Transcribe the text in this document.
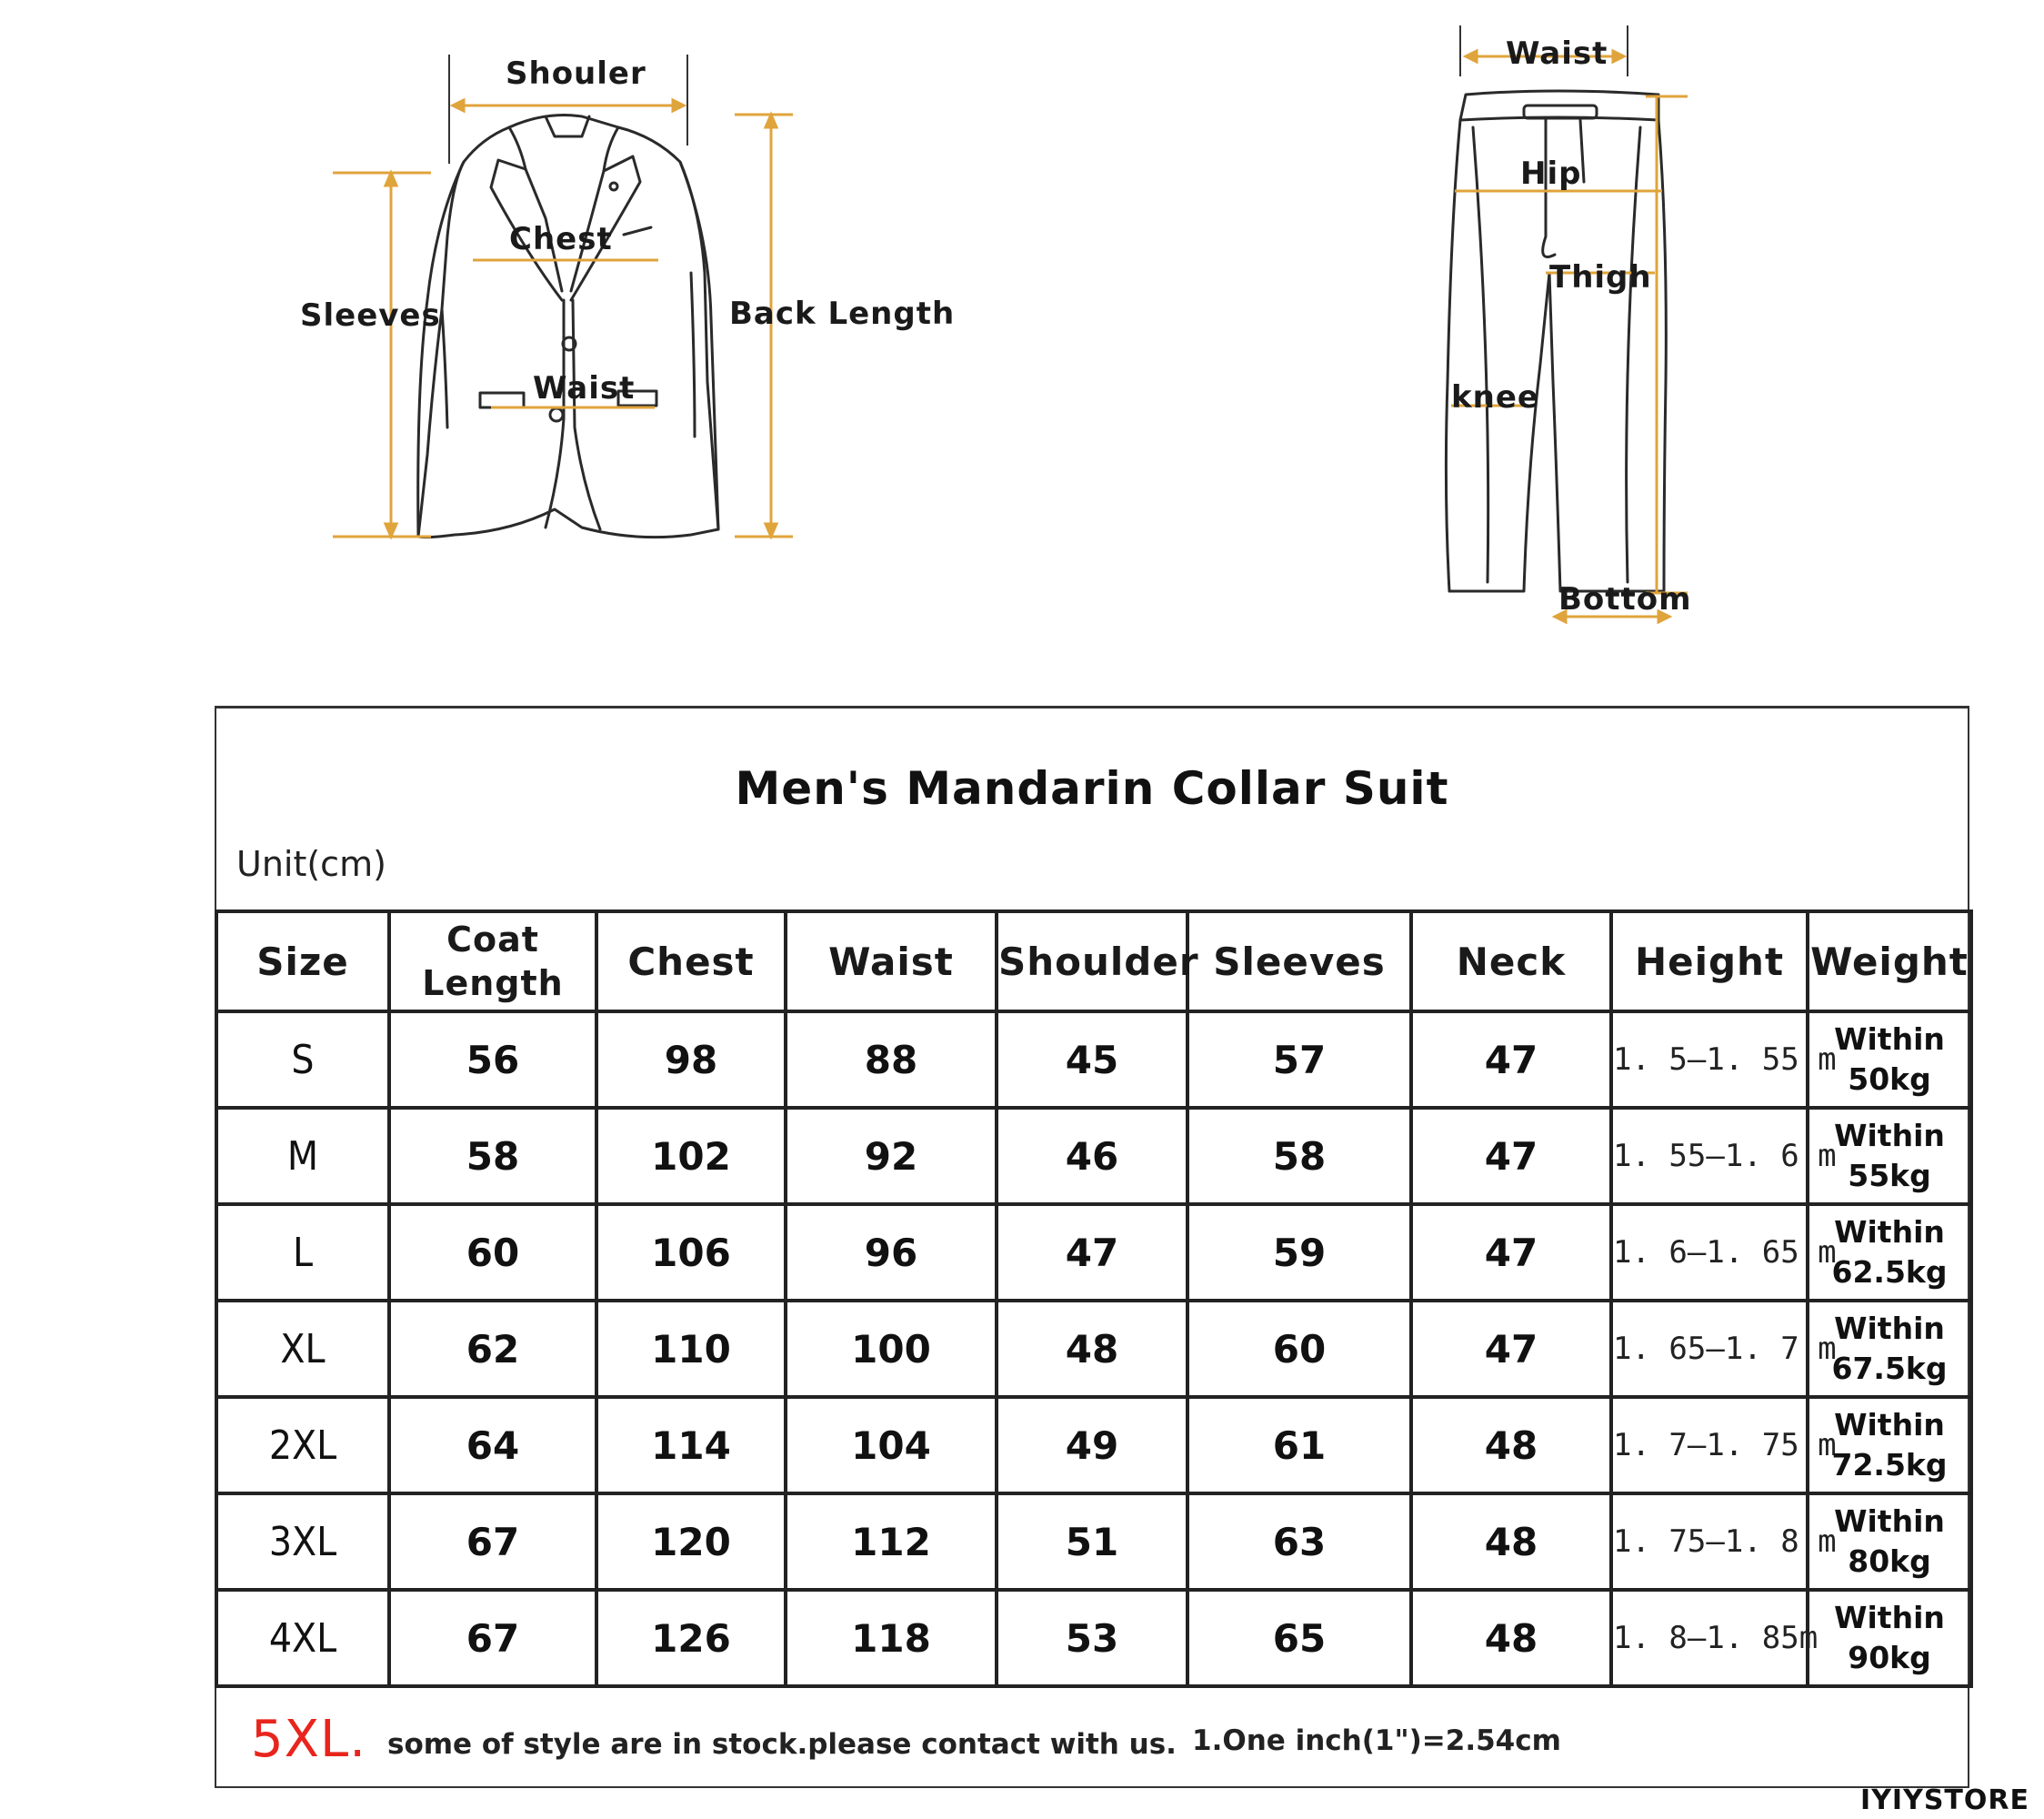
Shouler
Chest
Sleeves	Back Length
Waist
Waist
Hip
Thigh
knee
Bottom
Men's Mandarin Collar Suit
Unit(cm)
Size	Coat
Length	Chest	Waist	Shoulder	Sleeves	Neck	Height	Weight
S	56	98	88	45	57	47	1. 5–1. 55 m	Within
50kg
M	58	102	92	46	58	47	1. 55–1. 6 m	Within
55kg
L	60	106	96	47	59	47	1. 6–1. 65 m	Within
62.5kg
XL	62	110	100	48	60	47	1. 65–1. 7 m	Within
67.5kg
2XL	64	114	104	49	61	48	1. 7–1. 75 m	Within
72.5kg
3XL	67	120	112	51	63	48	1. 75–1. 8 m	Within
80kg
4XL	67	126	118	53	65	48	1. 8–1. 85m	Within
90kg
5XL. some of style are in stock.please contact with us. 1.One inch(1")=2.54cm
IYIYSTORE
